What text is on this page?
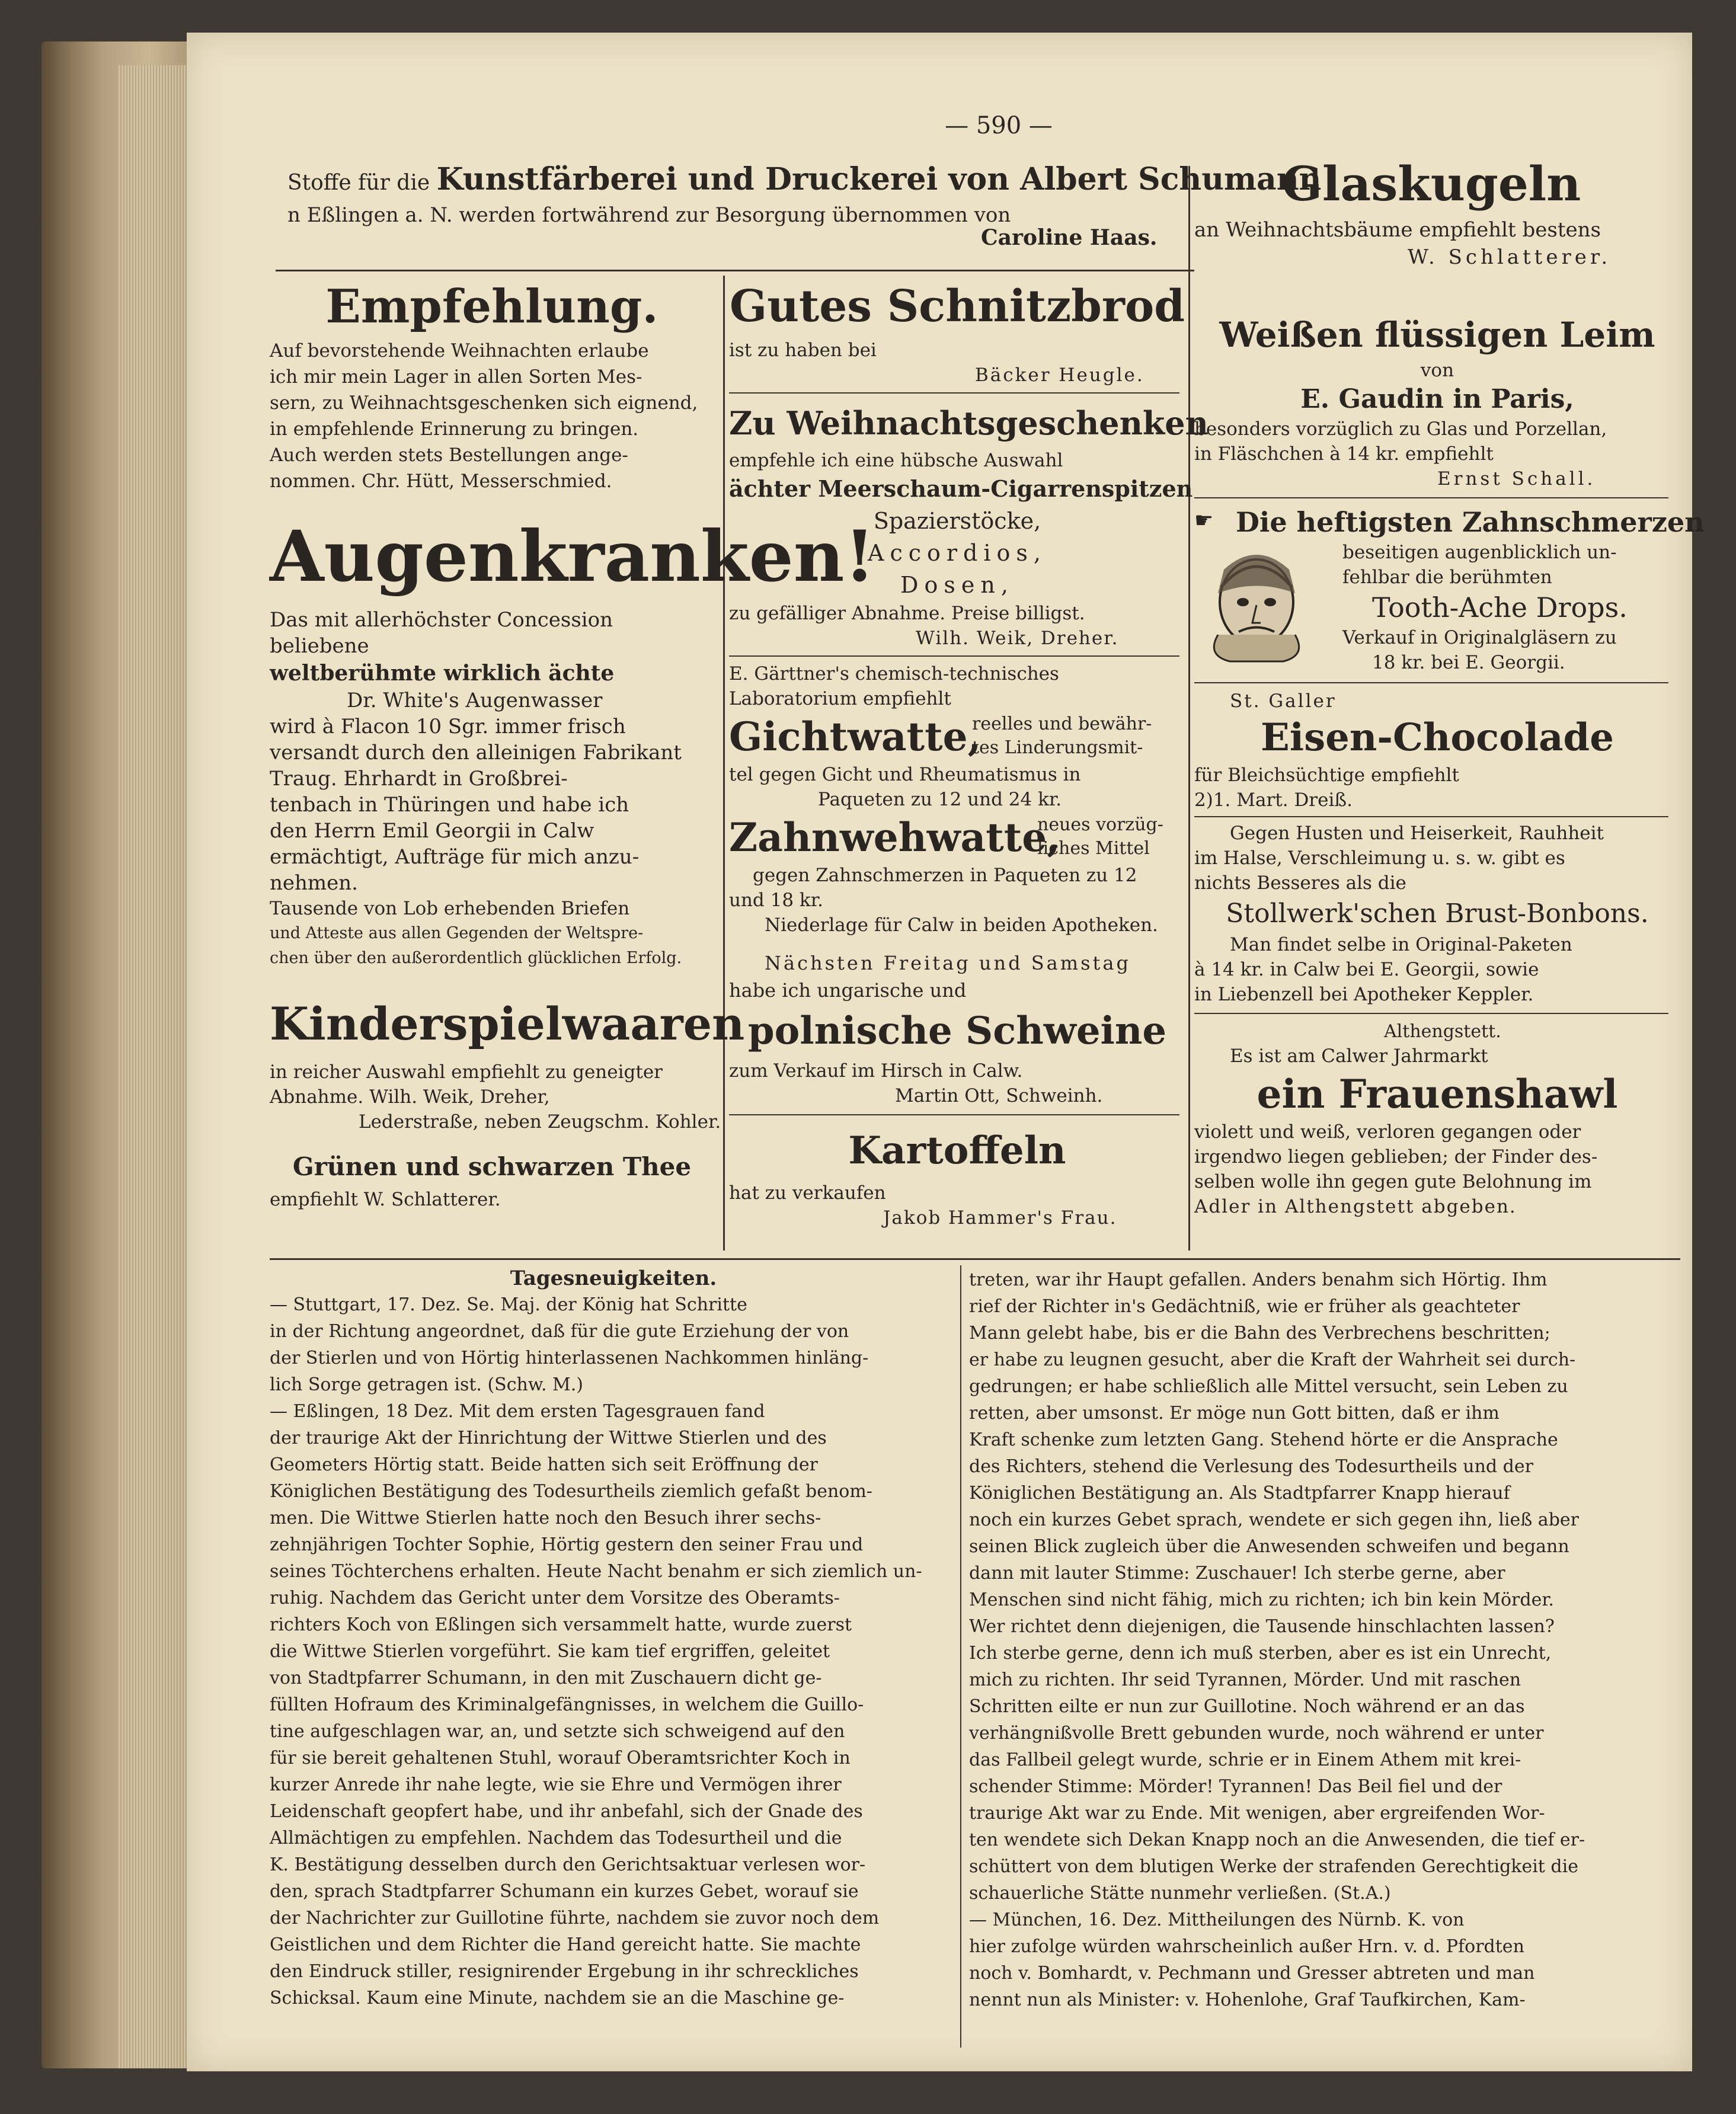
— 590 —
Stoffe für die Kunstfärberei und Druckerei von Albert Schumann
n Eßlingen a. N. werden fortwährend zur Besorgung übernommen von
Caroline Haas.
Glaskugeln
an Weihnachtsbäume empfiehlt bestens
W. Schlatterer.
Empfehlung.
Auf bevorstehende Weihnachten erlaube
ich mir mein Lager in allen Sorten Mes-
sern, zu Weihnachtsgeschenken sich eignend,
in empfehlende Erinnerung zu bringen.
Auch werden stets Bestellungen ange-
nommen. Chr. Hütt, Messerschmied.
Augenkranken!
Das mit allerhöchster Concession
beliebene
weltberühmte wirklich ächte
Dr. White's Augenwasser
wird à Flacon 10 Sgr. immer frisch
versandt durch den alleinigen Fabrikant
Traug. Ehrhardt in Großbrei-
tenbach in Thüringen und habe ich
den Herrn Emil Georgii in Calw
ermächtigt, Aufträge für mich anzu-
nehmen.
Tausende von Lob erhebenden Briefen
und Atteste aus allen Gegenden der Weltspre-
chen über den außerordentlich glücklichen Erfolg.
Kinderspielwaaren
in reicher Auswahl empfiehlt zu geneigter
Abnahme. Wilh. Weik, Dreher,
Lederstraße, neben Zeugschm. Kohler.
Grünen und schwarzen Thee
empfiehlt W. Schlatterer.
Gutes Schnitzbrod
ist zu haben bei
Bäcker Heugle.
Zu Weihnachtsgeschenken
empfehle ich eine hübsche Auswahl
ächter Meerschaum-Cigarrenspitzen
Spazierstöcke,
Accordios,
Dosen,
zu gefälliger Abnahme. Preise billigst.
Wilh. Weik, Dreher.
E. Gärttner's chemisch-technisches
Laboratorium empfiehlt
Gichtwatte,
reelles und bewähr-
tes Linderungsmit-
tel gegen Gicht und Rheumatismus in
Paqueten zu 12 und 24 kr.
Zahnwehwatte,
neues vorzüg-
liches Mittel
gegen Zahnschmerzen in Paqueten zu 12
und 18 kr.
Niederlage für Calw in beiden Apotheken.
Nächsten Freitag und Samstag
habe ich ungarische und
polnische Schweine
zum Verkauf im Hirsch in Calw.
Martin Ott, Schweinh.
Kartoffeln
hat zu verkaufen
Jakob Hammer's Frau.
Weißen flüssigen Leim
von
E. Gaudin in Paris,
besonders vorzüglich zu Glas und Porzellan,
in Fläschchen à 14 kr. empfiehlt
Ernst Schall.
☛ Die heftigsten Zahnschmerzen
beseitigen augenblicklich un-
fehlbar die berühmten
Tooth-Ache Drops.
Verkauf in Originalgläsern zu
18 kr. bei E. Georgii.
St. Galler
Eisen-Chocolade
für Bleichsüchtige empfiehlt
2)1. Mart. Dreiß.
Gegen Husten und Heiserkeit, Rauhheit
im Halse, Verschleimung u. s. w. gibt es
nichts Besseres als die
Stollwerk'schen Brust-Bonbons.
Man findet selbe in Original-Paketen
à 14 kr. in Calw bei E. Georgii, sowie
in Liebenzell bei Apotheker Keppler.
Althengstett.
Es ist am Calwer Jahrmarkt
ein Frauenshawl
violett und weiß, verloren gegangen oder
irgendwo liegen geblieben; der Finder des-
selben wolle ihn gegen gute Belohnung im
Adler in Althengstett abgeben.
Tagesneuigkeiten.
— Stuttgart, 17. Dez. Se. Maj. der König hat Schritte
in der Richtung angeordnet, daß für die gute Erziehung der von
der Stierlen und von Hörtig hinterlassenen Nachkommen hinläng-
lich Sorge getragen ist. (Schw. M.)
— Eßlingen, 18 Dez. Mit dem ersten Tagesgrauen fand
der traurige Akt der Hinrichtung der Wittwe Stierlen und des
Geometers Hörtig statt. Beide hatten sich seit Eröffnung der
Königlichen Bestätigung des Todesurtheils ziemlich gefaßt benom-
men. Die Wittwe Stierlen hatte noch den Besuch ihrer sechs-
zehnjährigen Tochter Sophie, Hörtig gestern den seiner Frau und
seines Töchterchens erhalten. Heute Nacht benahm er sich ziemlich un-
ruhig. Nachdem das Gericht unter dem Vorsitze des Oberamts-
richters Koch von Eßlingen sich versammelt hatte, wurde zuerst
die Wittwe Stierlen vorgeführt. Sie kam tief ergriffen, geleitet
von Stadtpfarrer Schumann, in den mit Zuschauern dicht ge-
füllten Hofraum des Kriminalgefängnisses, in welchem die Guillo-
tine aufgeschlagen war, an, und setzte sich schweigend auf den
für sie bereit gehaltenen Stuhl, worauf Oberamtsrichter Koch in
kurzer Anrede ihr nahe legte, wie sie Ehre und Vermögen ihrer
Leidenschaft geopfert habe, und ihr anbefahl, sich der Gnade des
Allmächtigen zu empfehlen. Nachdem das Todesurtheil und die
K. Bestätigung desselben durch den Gerichtsaktuar verlesen wor-
den, sprach Stadtpfarrer Schumann ein kurzes Gebet, worauf sie
der Nachrichter zur Guillotine führte, nachdem sie zuvor noch dem
Geistlichen und dem Richter die Hand gereicht hatte. Sie machte
den Eindruck stiller, resignirender Ergebung in ihr schreckliches
Schicksal. Kaum eine Minute, nachdem sie an die Maschine ge-
treten, war ihr Haupt gefallen. Anders benahm sich Hörtig. Ihm
rief der Richter in's Gedächtniß, wie er früher als geachteter
Mann gelebt habe, bis er die Bahn des Verbrechens beschritten;
er habe zu leugnen gesucht, aber die Kraft der Wahrheit sei durch-
gedrungen; er habe schließlich alle Mittel versucht, sein Leben zu
retten, aber umsonst. Er möge nun Gott bitten, daß er ihm
Kraft schenke zum letzten Gang. Stehend hörte er die Ansprache
des Richters, stehend die Verlesung des Todesurtheils und der
Königlichen Bestätigung an. Als Stadtpfarrer Knapp hierauf
noch ein kurzes Gebet sprach, wendete er sich gegen ihn, ließ aber
seinen Blick zugleich über die Anwesenden schweifen und begann
dann mit lauter Stimme: Zuschauer! Ich sterbe gerne, aber
Menschen sind nicht fähig, mich zu richten; ich bin kein Mörder.
Wer richtet denn diejenigen, die Tausende hinschlachten lassen?
Ich sterbe gerne, denn ich muß sterben, aber es ist ein Unrecht,
mich zu richten. Ihr seid Tyrannen, Mörder. Und mit raschen
Schritten eilte er nun zur Guillotine. Noch während er an das
verhängnißvolle Brett gebunden wurde, noch während er unter
das Fallbeil gelegt wurde, schrie er in Einem Athem mit krei-
schender Stimme: Mörder! Tyrannen! Das Beil fiel und der
traurige Akt war zu Ende. Mit wenigen, aber ergreifenden Wor-
ten wendete sich Dekan Knapp noch an die Anwesenden, die tief er-
schüttert von dem blutigen Werke der strafenden Gerechtigkeit die
schauerliche Stätte nunmehr verließen. (St.A.)
— München, 16. Dez. Mittheilungen des Nürnb. K. von
hier zufolge würden wahrscheinlich außer Hrn. v. d. Pfordten
noch v. Bomhardt, v. Pechmann und Gresser abtreten und man
nennt nun als Minister: v. Hohenlohe, Graf Taufkirchen, Kam-
